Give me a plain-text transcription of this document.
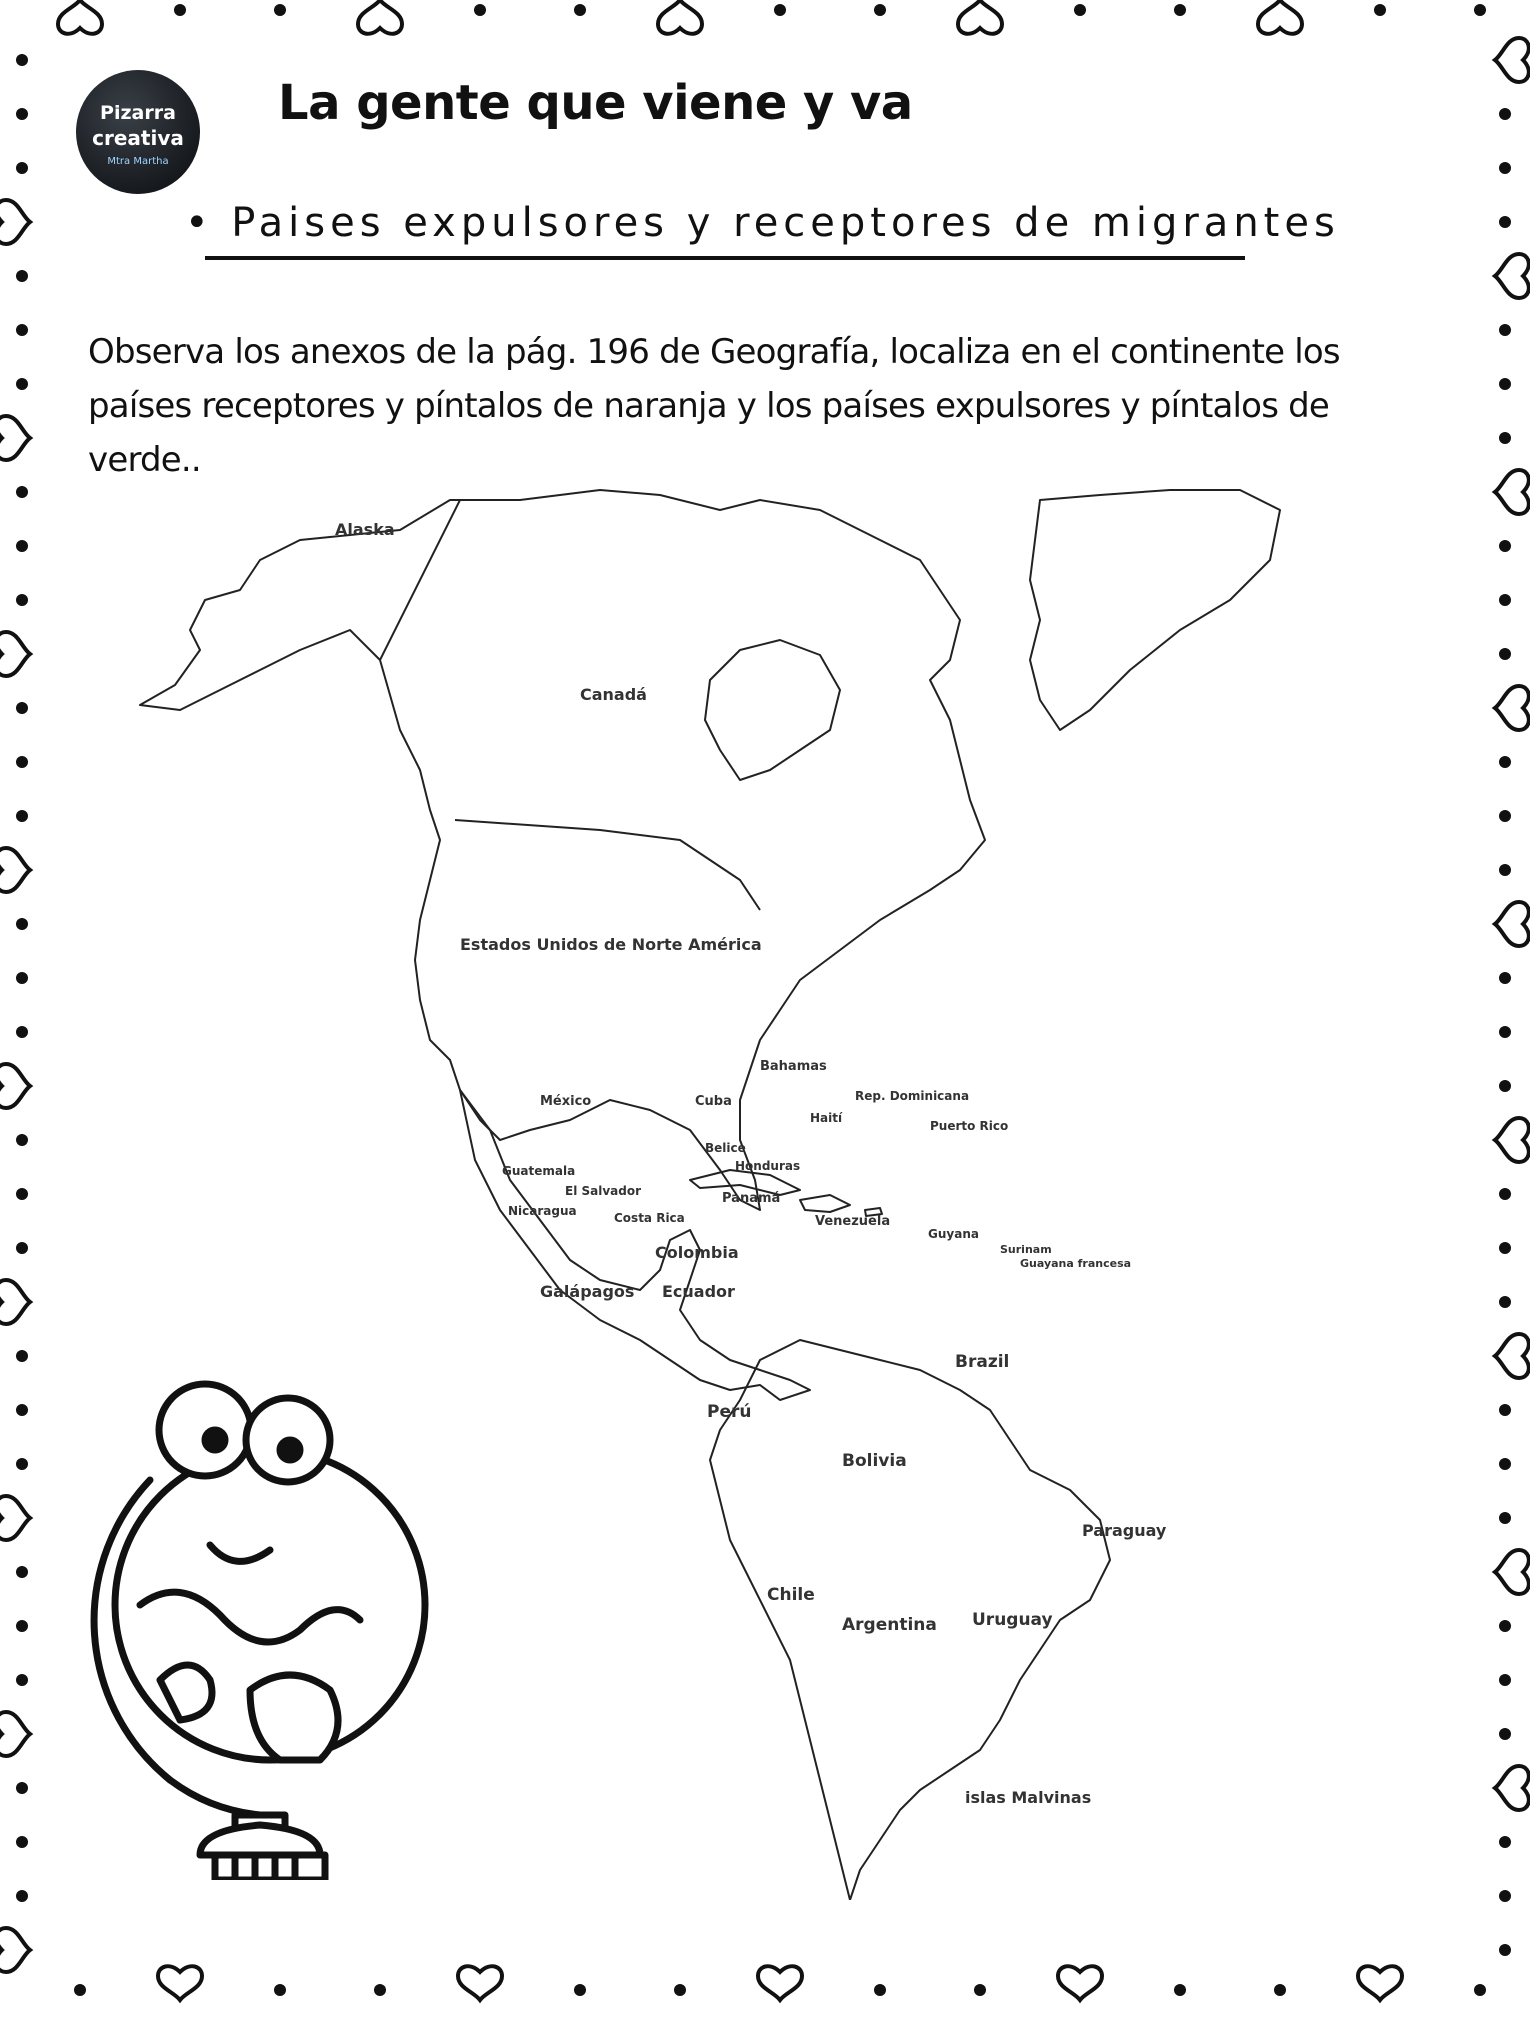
Pizarra
creativa
Mtra Martha
La gente que viene y va
• Paises expulsores y receptores de migrantes
Observa los anexos de la pág. 196 de Geografía, localiza en el continente los países receptores y píntalos de naranja y los países expulsores y píntalos de verde..
Alaska
Canadá
Estados Unidos de Norte América
Bahamas
México	Cuba	Rep. Dominicana
Haití
Puerto Rico
Belice
Honduras
Guatemala
El Salvador
Nicaragua
Panamá
Costa Rica	Venezuela
Guyana
Surinam
Guayana francesa
Colombia
Galápagos Ecuador
Brazil
Perú
Bolivia
Paraguay
Chile
Uruguay
Argentina
islas Malvinas
